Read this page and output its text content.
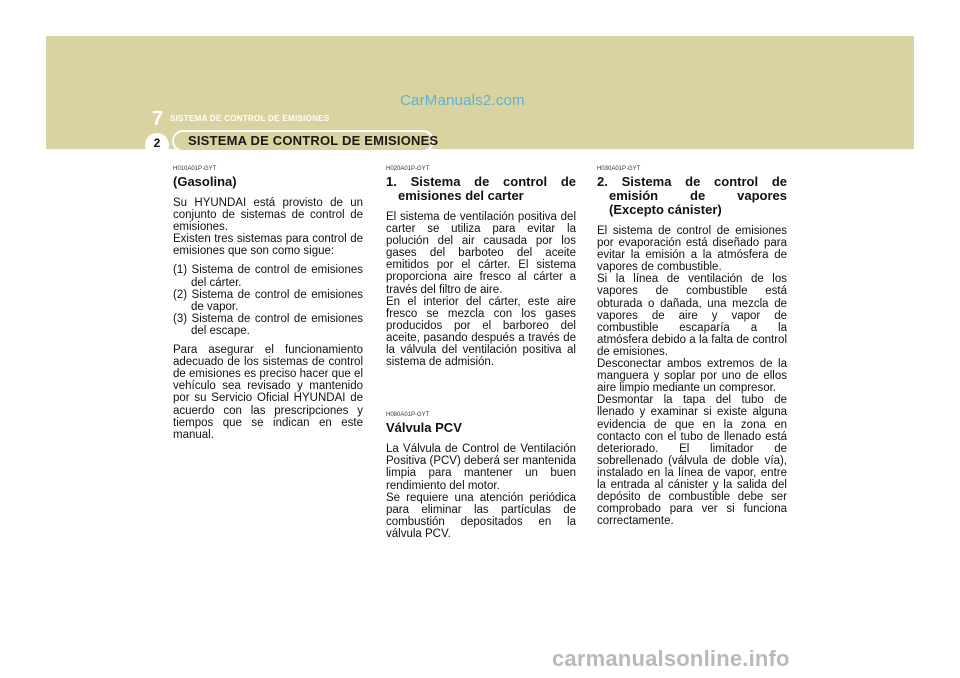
CarManuals2.com
7 SISTEMA DE CONTROL DE EMISIONES
2	SISTEMA DE CONTROL DE EMISIONES

H010A01P-GYT

(Gasolina)

Su HYUNDAI está provisto de un conjunto de sistemas de control de emisiones.

Existen tres sistemas para control de emisiones que son como sigue:

(1) Sistema de control de emisiones del cárter.
(2) Sistema de control de emisiones de vapor.
(3) Sistema de control de emisiones del escape.

Para asegurar el funcionamiento adecuado de los sistemas de control de emisiones es preciso hacer que el vehículo sea revisado y mantenido por su Servicio Oficial HYUNDAI de acuerdo con las prescripciones y tiempos que se indican en este manual.

H020A01P-GYT

1. Sistema de control de emisiones del carter

El sistema de ventilación positiva del carter se utiliza para evitar la polución del air causada por los gases del barboteo del aceite emitidos por el cárter. El sistema proporciona aire fresco al cárter a través del filtro de aire.

En el interior del cárter, este aire fresco se mezcla con los gases producidos por el barboreo del aceite, pasando después a través de la válvula del ventilación positiva al sistema de admisión.

H080A01P-GYT

Válvula PCV

La Válvula de Control de Ventilación Positiva (PCV) deberá ser mantenida limpia para mantener un buen rendimiento del motor.

Se requiere una atención periódica para eliminar las partículas de combustión depositados en la válvula PCV.

H030A01P-GYT

2. Sistema de control de emisión de vapores (Excepto cánister)

El sistema de control de emisiones por evaporación está diseñado para evitar la emisión a la atmósfera de vapores de combustible.

Si la línea de ventilación de los vapores de combustible está obturada o dañada, una mezcla de vapores de aire y vapor de combustible escaparía a la atmósfera debido a la falta de control de emisiones.

Desconectar ambos extremos de la manguera y soplar por uno de ellos aire limpio mediante un compresor.

Desmontar la tapa del tubo de llenado y examinar si existe alguna evidencia de que en la zona en contacto con el tubo de llenado está deteriorado. El limitador de sobrellenado (válvula de doble vía), instalado en la línea de vapor, entre la entrada al cánister y la salida del depósito de combustible debe ser comprobado para ver si funciona correctamente.

carmanualsonline.info
